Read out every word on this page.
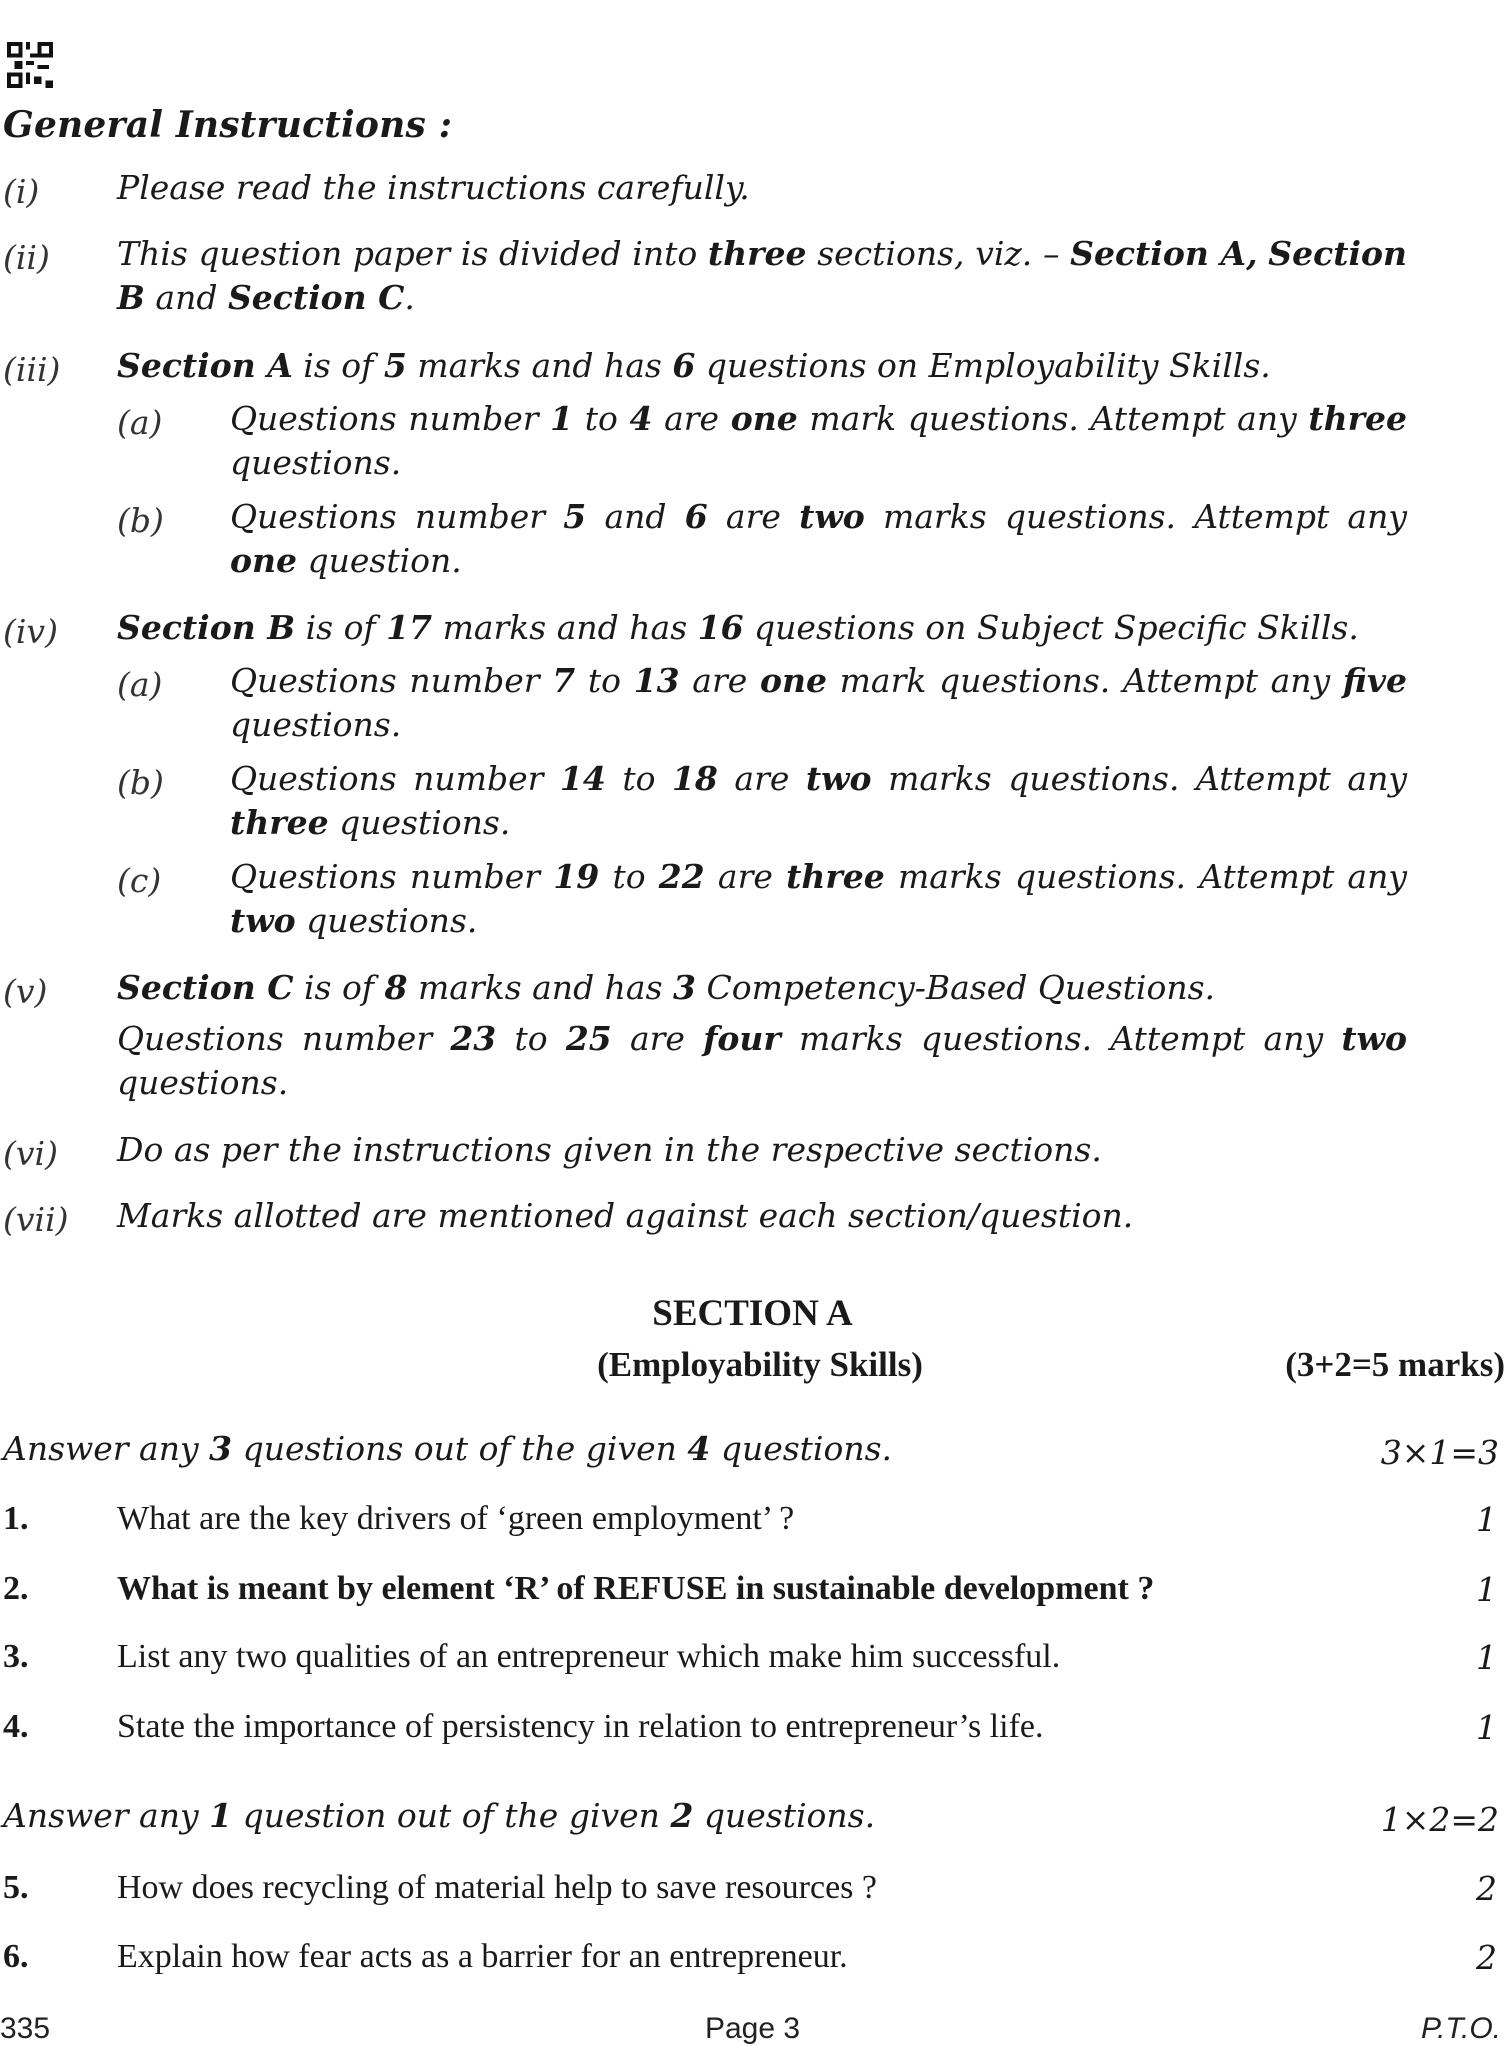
General Instructions :
(i) Please read the instructions carefully.
(ii) This question paper is divided into three sections, viz. – Section A, Section B and Section C.
(iii) Section A is of 5 marks and has 6 questions on Employability Skills.
(a) Questions number 1 to 4 are one mark questions. Attempt any three questions.
(b) Questions number 5 and 6 are two marks questions. Attempt any one question.
(iv) Section B is of 17 marks and has 16 questions on Subject Specific Skills.
(a) Questions number 7 to 13 are one mark questions. Attempt any five questions.
(b) Questions number 14 to 18 are two marks questions. Attempt any three questions.
(c) Questions number 19 to 22 are three marks questions. Attempt any two questions.
(v) Section C is of 8 marks and has 3 Competency-Based Questions.
Questions number 23 to 25 are four marks questions. Attempt any two questions.
(vi) Do as per the instructions given in the respective sections.
(vii) Marks allotted are mentioned against each section/question.
SECTION A
(Employability Skills)	(3+2=5 marks)
Answer any 3 questions out of the given 4 questions.	3×1=3
Answer any 1 question out of the given 2 questions.	1×2=2
1.	What are the key drivers of ‘green employment’ ?	1
2.	What is meant by element ‘R’ of REFUSE in sustainable development ?	1
3.	List any two qualities of an entrepreneur which make him successful.	1
4.	State the importance of persistency in relation to entrepreneur’s life.	1
5.	How does recycling of material help to save resources ?	2
6.	Explain how fear acts as a barrier for an entrepreneur.	2
335	Page 3	P.T.O.
